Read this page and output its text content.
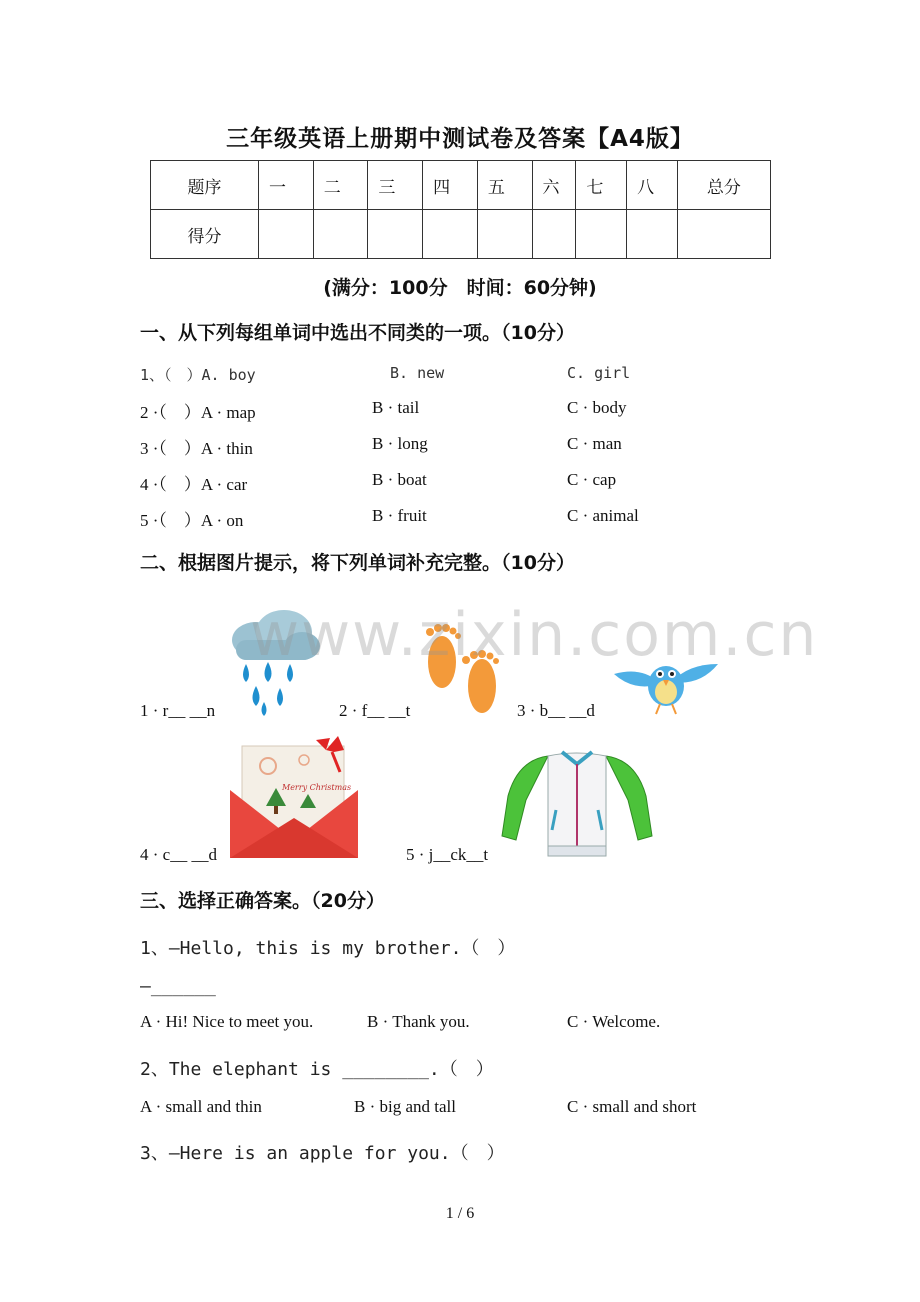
三年级英语上册期中测试卷及答案【A4版】
题序	一	二	三	四	五	六	七	八	总分
得分									
(满分：100分　时间：60分钟)
一、从下列每组单词中选出不同类的一项。（10分）
1、（　）A. boy	B. new	C. girl
2 ·（　）A · map	B · tail	C · body
3 ·（　）A · thin	B · long	C · man
4 ·（　）A · car	B · boat	C · cap
5 ·（　）A · on	B · fruit	C · animal
二、根据图片提示，将下列单词补充完整。（10分）
www.zixin.com.cn
1 · r__ __n	2 · f__ __t	3 · b__ __d
Merry Christmas
4 · c__ __d	5 · j__ck__t
三、选择正确答案。（20分）
1、—Hello, this is my brother.（　）
—______
A · Hi! Nice to meet you.	B · Thank you.	C · Welcome.
2、The elephant is ________.（　）
A · small and thin	B · big and tall	C · small and short
3、—Here is an apple for you.（　）
1 / 6
